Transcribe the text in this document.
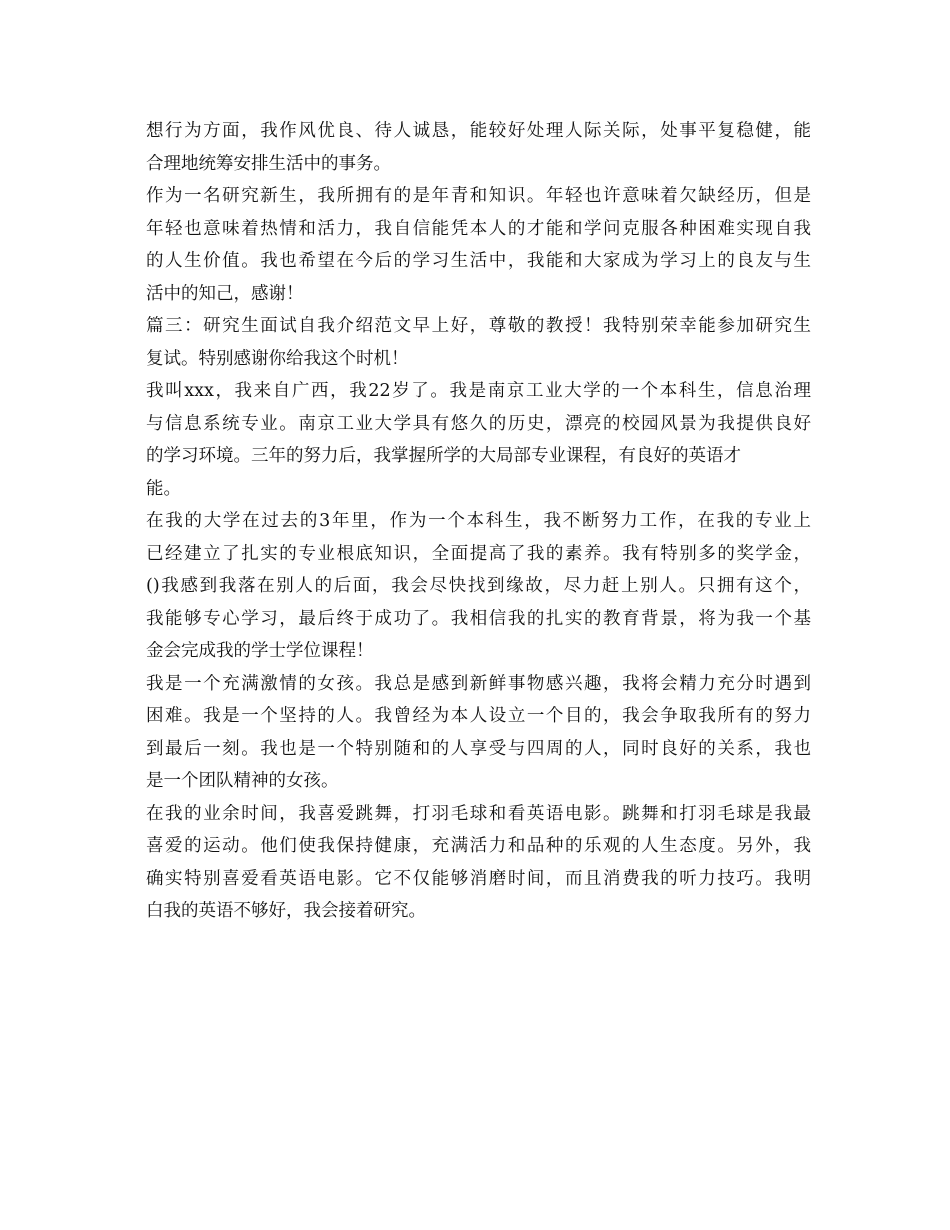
想行为方面，我作风优良、待人诚恳，能较好处理人际关际，处事平复稳健，能
合理地统筹安排生活中的事务。
作为一名研究新生，我所拥有的是年青和知识。年轻也许意味着欠缺经历，但是
年轻也意味着热情和活力，我自信能凭本人的才能和学问克服各种困难实现自我
的人生价值。我也希望在今后的学习生活中，我能和大家成为学习上的良友与生
活中的知己，感谢！
篇三：研究生面试自我介绍范文早上好，尊敬的教授！我特别荣幸能参加研究生
复试。特别感谢你给我这个时机！
我叫xxx，我来自广西，我22岁了。我是南京工业大学的一个本科生，信息治理
与信息系统专业。南京工业大学具有悠久的历史，漂亮的校园风景为我提供良好
的学习环境。三年的努力后，我掌握所学的大局部专业课程，有良好的英语才
能。
在我的大学在过去的3年里，作为一个本科生，我不断努力工作，在我的专业上
已经建立了扎实的专业根底知识，全面提高了我的素养。我有特别多的奖学金，
()我感到我落在别人的后面，我会尽快找到缘故，尽力赶上别人。只拥有这个，
我能够专心学习，最后终于成功了。我相信我的扎实的教育背景，将为我一个基
金会完成我的学士学位课程！
我是一个充满激情的女孩。我总是感到新鲜事物感兴趣，我将会精力充分时遇到
困难。我是一个坚持的人。我曾经为本人设立一个目的，我会争取我所有的努力
到最后一刻。我也是一个特别随和的人享受与四周的人，同时良好的关系，我也
是一个团队精神的女孩。
在我的业余时间，我喜爱跳舞，打羽毛球和看英语电影。跳舞和打羽毛球是我最
喜爱的运动。他们使我保持健康，充满活力和品种的乐观的人生态度。另外，我
确实特别喜爱看英语电影。它不仅能够消磨时间，而且消费我的听力技巧。我明
白我的英语不够好，我会接着研究。
